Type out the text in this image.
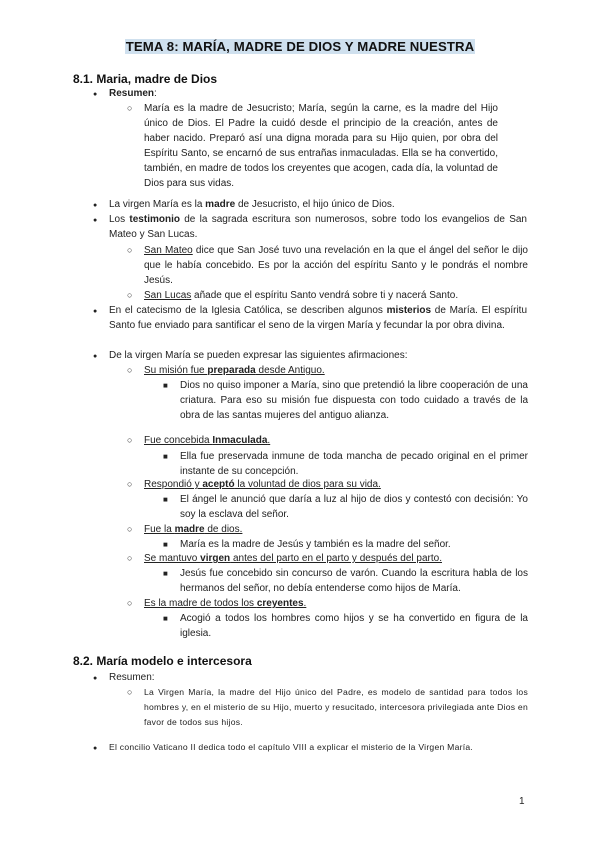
TEMA 8: MARÍA, MADRE DE DIOS Y MADRE NUESTRA
8.1. Maria, madre de Dios
●
Resumen:
○
María es la madre de Jesucristo; María, según la carne, es la madre del Hijo único de Dios. El Padre la cuidó desde el principio de la creación, antes de haber nacido. Preparó así una digna morada para su Hijo quien, por obra del Espíritu Santo, se encarnó de sus entrañas inmaculadas. Ella se ha convertido, también, en madre de todos los creyentes que acogen, cada día, la voluntad de Dios para sus vidas.
●
La virgen María es la madre de Jesucristo, el hijo único de Dios.
●
Los testimonio de la sagrada escritura son numerosos, sobre todo los evangelios de San Mateo y San Lucas.
○
San Mateo dice que San José tuvo una revelación en la que el ángel del señor le dijo que le había concebido. Es por la acción del espíritu Santo y le pondrás el nombre Jesús.
○
San Lucas añade que el espíritu Santo vendrá sobre ti y nacerá Santo.
●
En el catecismo de la Iglesia Católica, se describen algunos misterios de María. El espíritu Santo fue enviado para santificar el seno de la virgen María y fecundar la por obra divina.
●
De la virgen María se pueden expresar las siguientes afirmaciones:
○
Su misión fue preparada desde Antiguo.
■
Dios no quiso imponer a María, sino que pretendió la libre cooperación de una criatura. Para eso su misión fue dispuesta con todo cuidado a través de la obra de las santas mujeres del antiguo alianza.
○
Fue concebida Inmaculada.
■
Ella fue preservada inmune de toda mancha de pecado original en el primer instante de su concepción.
○
Respondió y aceptó la voluntad de dios para su vida.
■
El ángel le anunció que daría a luz al hijo de dios y contestó con decisión: Yo soy la esclava del señor.
○
Fue la madre de dios.
■
María es la madre de Jesús y también es la madre del señor.
○
Se mantuvo virgen antes del parto en el parto y después del parto.
■
Jesús fue concebido sin concurso de varón. Cuando la escritura habla de los hermanos del señor, no debía entenderse como hijos de María.
○
Es la madre de todos los creyentes.
■
Acogió a todos los hombres como hijos y se ha convertido en figura de la iglesia.
8.2. María modelo e intercesora
●
Resumen:
○
La Virgen María, la madre del Hijo único del Padre, es modelo de santidad para todos los hombres y, en el misterio de su Hijo, muerto y resucitado, intercesora privilegiada ante Dios en favor de todos sus hijos.
●
El concilio Vaticano II dedica todo el capítulo VIII a explicar el misterio de la Virgen María.
1
